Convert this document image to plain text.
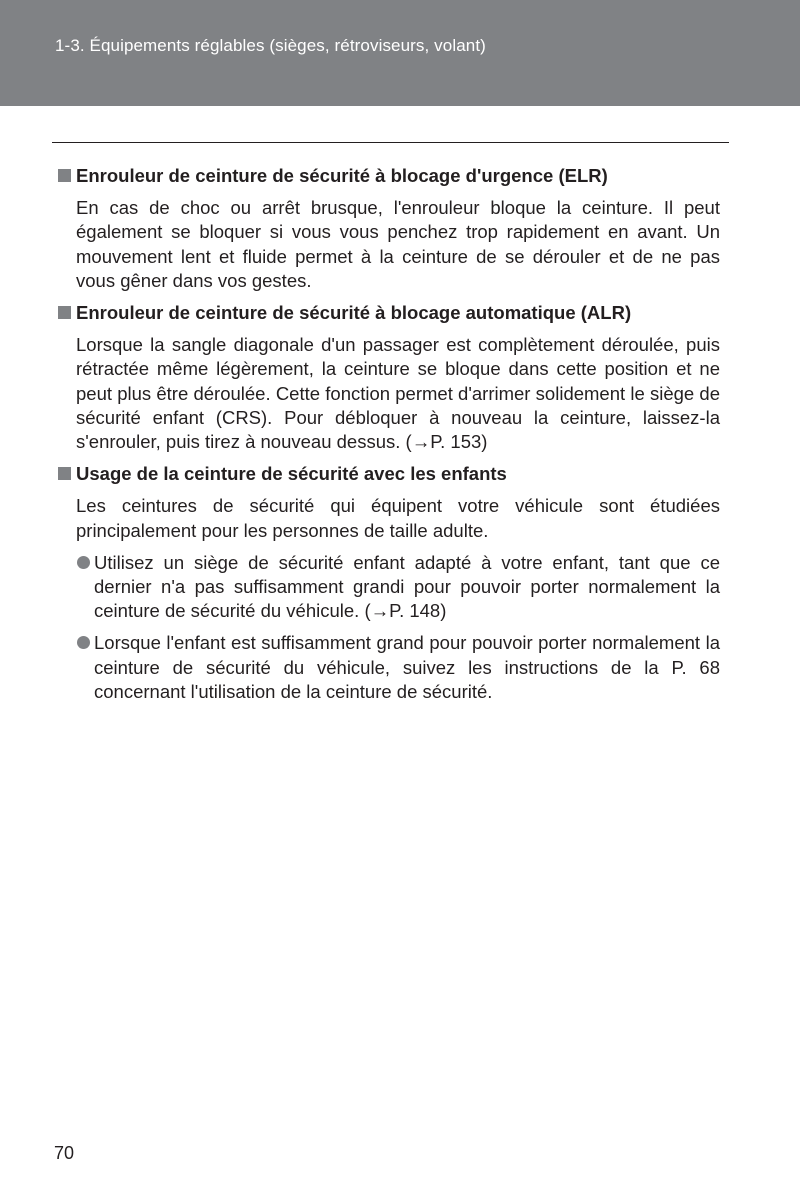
1-3. Équipements réglables (sièges, rétroviseurs, volant)
Enrouleur de ceinture de sécurité à blocage d'urgence (ELR)

En cas de choc ou arrêt brusque, l'enrouleur bloque la ceinture. Il peut également se bloquer si vous vous penchez trop rapidement en avant. Un mouvement lent et fluide permet à la ceinture de se dérouler et de ne pas vous gêner dans vos gestes.

Enrouleur de ceinture de sécurité à blocage automatique (ALR)

Lorsque la sangle diagonale d'un passager est complètement déroulée, puis rétractée même légèrement, la ceinture se bloque dans cette position et ne peut plus être déroulée. Cette fonction permet d'arrimer solidement le siège de sécurité enfant (CRS). Pour débloquer à nouveau la ceinture, laissez-la s'enrouler, puis tirez à nouveau dessus. (→P. 153)

Usage de la ceinture de sécurité avec les enfants

Les ceintures de sécurité qui équipent votre véhicule sont étudiées principalement pour les personnes de taille adulte.

Utilisez un siège de sécurité enfant adapté à votre enfant, tant que ce dernier n'a pas suffisamment grandi pour pouvoir porter normalement la ceinture de sécurité du véhicule. (→P. 148)
Lorsque l'enfant est suffisamment grand pour pouvoir porter normalement la ceinture de sécurité du véhicule, suivez les instructions de la P. 68 concernant l'utilisation de la ceinture de sécurité.
70
